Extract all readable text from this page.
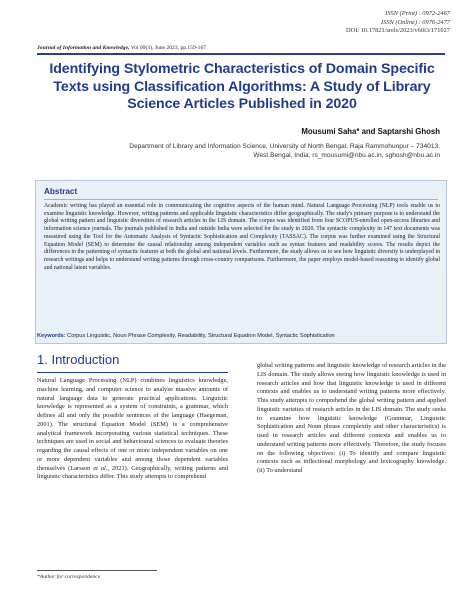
ISSN (Print) : 0972-2467
ISSN (Online) : 0976-2477
DOI: 10.17821/srels/2023/v60i3/171027
Journal of Information and Knowledge, Vol 60(3), June 2023, pp.159-167
Identifying Stylometric Characteristics of Domain Specific Texts using Classification Algorithms: A Study of Library Science Articles Published in 2020
Mousumi Saha* and Saptarshi Ghosh
Department of Library and Information Science, University of North Bengal, Raja Rammohunpur – 734013,
West Bengal, India; rs_mousumi@nbu.ac.in, sghosh@nbu.ac.in
Abstract
Academic writing has played an essential role in communicating the cognitive aspects of the human mind. Natural Language Processing (NLP) tools enable us to examine linguistic knowledge. However, writing patterns and applicable linguistic characteristics differ geographically. The study's primary purpose is to understand the global writing pattern and linguistic diversities of research articles in the LIS domain. The corpus was identified from four SCOPUS-enrolled open-access libraries and information science journals. The journals published in India and outside India were selected for the study in 2020. The syntactic complexity in 147 text documents was measured using the Tool for the Automatic Analysis of Syntactic Sophistication and Complexity (TASSAC). The corpus was further examined using the Structural Equation Model (SEM) to determine the causal relationship among independent variables such as syntax features and readability scores. The results depict the differences in the patterning of syntactic features at both the global and national levels. Furthermore, the study allows us to see how linguistic diversity is underplayed in research writings and helps to understand writing patterns through cross-country comparisons. Furthermore, the paper employs model-based reasoning to identify global and national latent variables.
Keywords: Corpus Linguistic, Noun Phrase Complexity, Readability, Structural Equation Model, Syntactic Sophistication
1. Introduction

Natural Language Processing (NLP) combines linguistics knowledge, machine learning, and computer science to analyze massive amounts of natural language data to generate practical applications. Linguistic knowledge is represented as a system of constraints, a grammar, which defines all and only the possible sentences of the language (Haegeman, 2001). The structural Equation Model (SEM) is a comprehensive analytical framework incorporating various statistical techniques. These techniques are used in social and behavioural sciences to evaluate theories regarding the causal effects of one or more independent variables on one or more dependent variables and among those dependent variables themselves (Larsson et al., 2021). Geographically, writing patterns and linguistic characteristics differ. This study attempts to comprehend

global writing patterns and linguistic knowledge of research articles in the LIS domain. The study allows seeing how linguistic knowledge is used in research articles and how that linguistic knowledge is used in different contexts and enables us to understand writing patterns more effectively. This study attempts to comprehend the global writing pattern and applied linguistic varieties of research articles in the LIS domain. The study seeks to examine how linguistic knowledge (Grammar, Linguistic Sophistication and Noun phrase complexity and other characteristics) is used in research articles and different contexts and enables us to understand writing patterns more effectively. Therefore, the study focuses on the following objectives: (i) To identify and compare linguistic contexts such as inflectional morphology and lexicography knowledge. (ii) To understand

*Author for correspondence
